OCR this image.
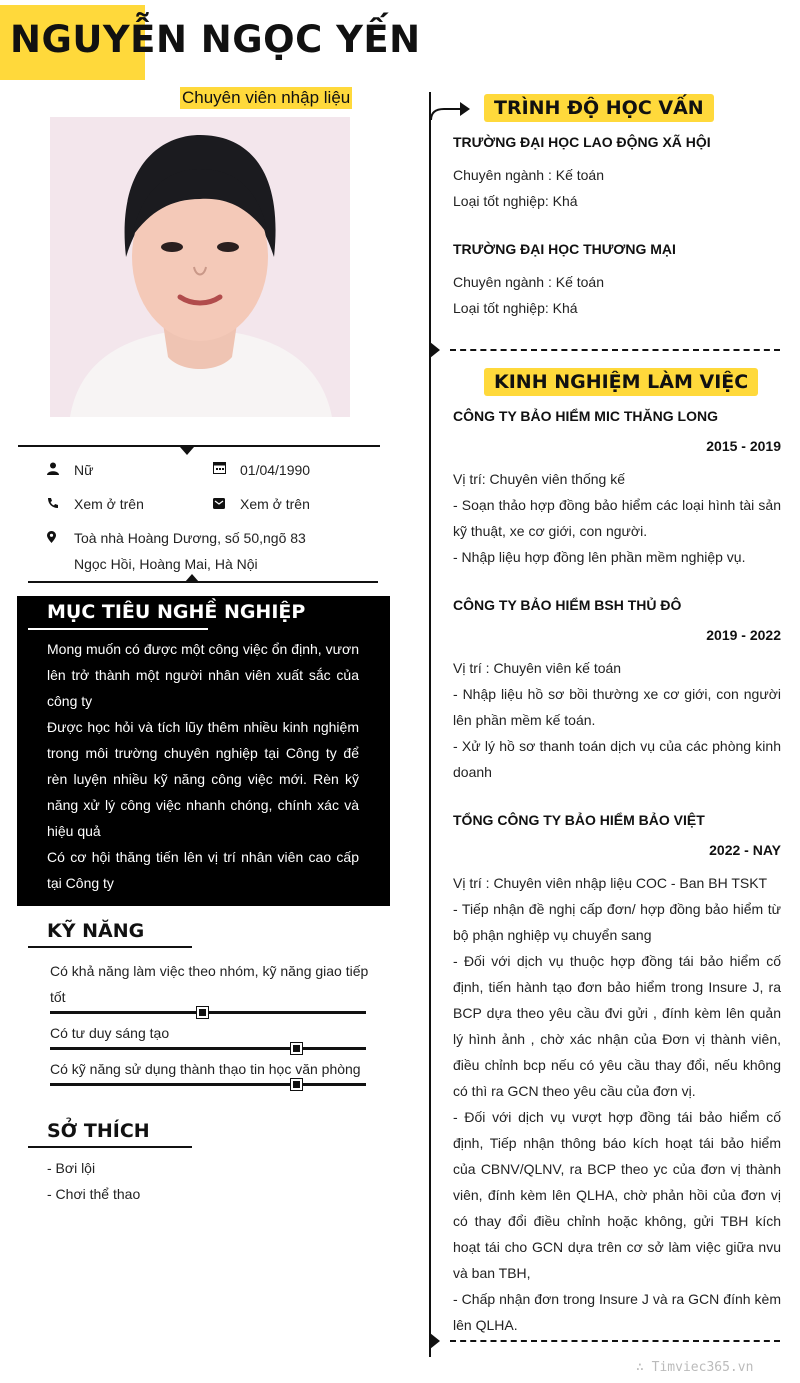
NGUYỄN NGỌC YẾN
Chuyên viên nhập liệu
Nữ	01/04/1990
Xem ở trên	Xem ở trên
Toà nhà Hoàng Dương, số 50,ngõ 83
Ngọc Hồi, Hoàng Mai, Hà Nội
MỤC TIÊU NGHỀ NGHIỆP

Mong muốn có được một công việc ổn định, vươn lên trở thành một người nhân viên xuất sắc của công ty

Được học hỏi và tích lũy thêm nhiều kinh nghiệm trong môi trường chuyên nghiệp tại Công ty để rèn luyện nhiều kỹ năng công việc mới. Rèn kỹ năng xử lý công việc nhanh chóng, chính xác và hiệu quả

Có cơ hội thăng tiến lên vị trí nhân viên cao cấp tại Công ty

KỸ NĂNG
Có khả năng làm việc theo nhóm, kỹ năng giao tiếp tốt
Có tư duy sáng tạo
Có kỹ năng sử dụng thành thạo tin học văn phòng
SỞ THÍCH
- Bơi lội
- Chơi thể thao
TRÌNH ĐỘ HỌC VẤN
TRƯỜNG ĐẠI HỌC LAO ĐỘNG XÃ HỘI

Chuyên ngành : Kế toán

Loại tốt nghiệp: Khá

TRƯỜNG ĐẠI HỌC THƯƠNG MẠI

Chuyên ngành : Kế toán

Loại tốt nghiệp: Khá

KINH NGHIỆM LÀM VIỆC
CÔNG TY BẢO HIỂM MIC THĂNG LONG
2015 - 2019

Vị trí: Chuyên viên thống kế

- Soạn thảo hợp đồng bảo hiểm các loại hình tài sản kỹ thuật, xe cơ giới, con người.

- Nhập liệu hợp đồng lên phần mềm nghiệp vụ.

CÔNG TY BẢO HIỂM BSH THỦ ĐÔ
2019 - 2022

Vị trí : Chuyên viên kế toán

- Nhập liệu hồ sơ bồi thường xe cơ giới, con người lên phần mềm kế toán.

- Xử lý hồ sơ thanh toán dịch vụ của các phòng kinh doanh

TỔNG CÔNG TY BẢO HIỂM BẢO VIỆT
2022 - NAY

Vị trí : Chuyên viên nhập liệu COC - Ban BH TSKT

- Tiếp nhận đề nghị cấp đơn/ hợp đồng bảo hiểm từ bộ phận nghiệp vụ chuyển sang

- Đối với dịch vụ thuộc hợp đồng tái bảo hiểm cố định, tiến hành tạo đơn bảo hiểm trong Insure J, ra BCP dựa theo yêu cầu đvi gửi , đính kèm lên quản lý hình ảnh , chờ xác nhận của Đơn vị thành viên, điều chỉnh bcp nếu có yêu cầu thay đổi, nếu không có thì ra GCN theo yêu cầu của đơn vị.

- Đối với dịch vụ vượt hợp đồng tái bảo hiểm cố định, Tiếp nhận thông báo kích hoạt tái bảo hiểm của CBNV/QLNV, ra BCP theo yc của đơn vị thành viên, đính kèm lên QLHA, chờ phản hồi của đơn vị có thay đổi điều chỉnh hoặc không, gửi TBH kích hoạt tái cho GCN dựa trên cơ sở làm việc giữa nvu và ban TBH,

- Chấp nhận đơn trong Insure J và ra GCN đính kèm lên QLHA.

∴ Timviec365.vn
